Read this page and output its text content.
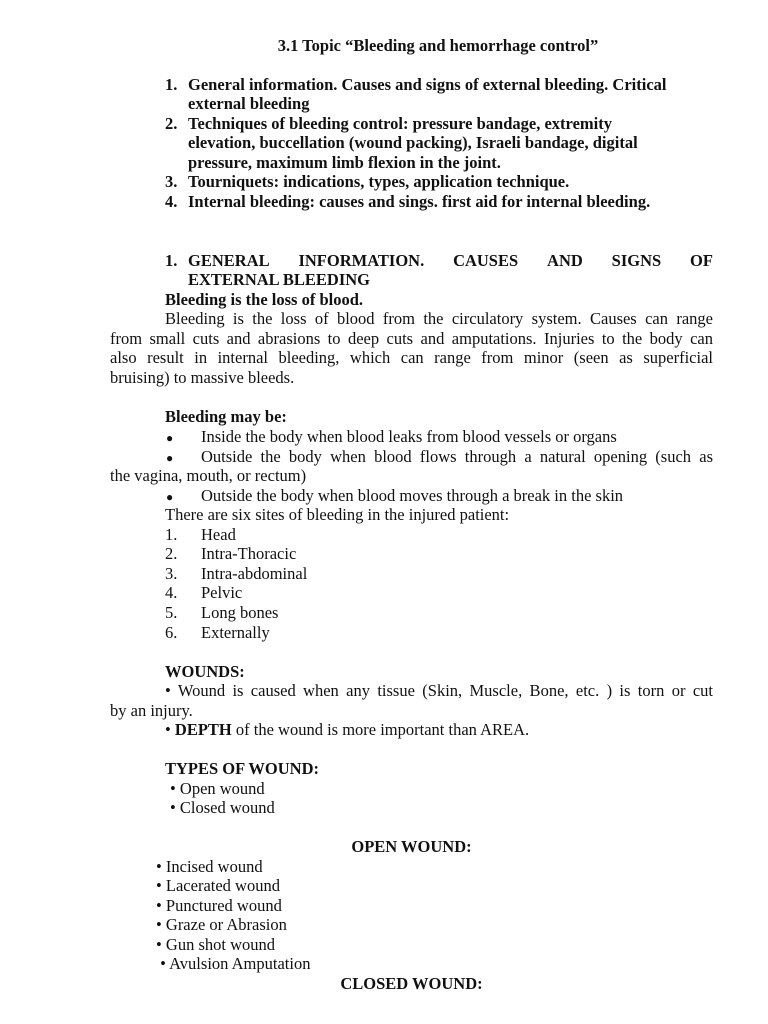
3.1 Topic “Bleeding and hemorrhage control”
1. General information. Causes and signs of external bleeding. Critical
external bleeding
2. Techniques of bleeding control: pressure bandage, extremity
elevation, buccellation (wound packing), Israeli bandage, digital
pressure, maximum limb flexion in the joint.
3. Tourniquets: indications, types, application technique.
4. Internal bleeding: causes and sings. first aid for internal bleeding.
1. GENERAL INFORMATION. CAUSES AND SIGNS OF
EXTERNAL BLEEDING
Bleeding is the loss of blood.
Bleeding is the loss of blood from the circulatory system. Causes can range
from small cuts and abrasions to deep cuts and amputations. Injuries to the body can
also result in internal bleeding, which can range from minor (seen as superficial
bruising) to massive bleeds.
Bleeding may be:
● Inside the body when blood leaks from blood vessels or organs
● Outside the body when blood flows through a natural opening (such as
the vagina, mouth, or rectum)
● Outside the body when blood moves through a break in the skin
There are six sites of bleeding in the injured patient:
1. Head
2. Intra-Thoracic
3. Intra-abdominal
4. Pelvic
5. Long bones
6. Externally
WOUNDS:
• Wound is caused when any tissue (Skin, Muscle, Bone, etc. ) is torn or cut
by an injury.
• DEPTH of the wound is more important than AREA.
TYPES OF WOUND:
• Open wound
• Closed wound
OPEN WOUND:
• Incised wound
• Lacerated wound
• Punctured wound
• Graze or Abrasion
• Gun shot wound
• Avulsion Amputation
CLOSED WOUND:
